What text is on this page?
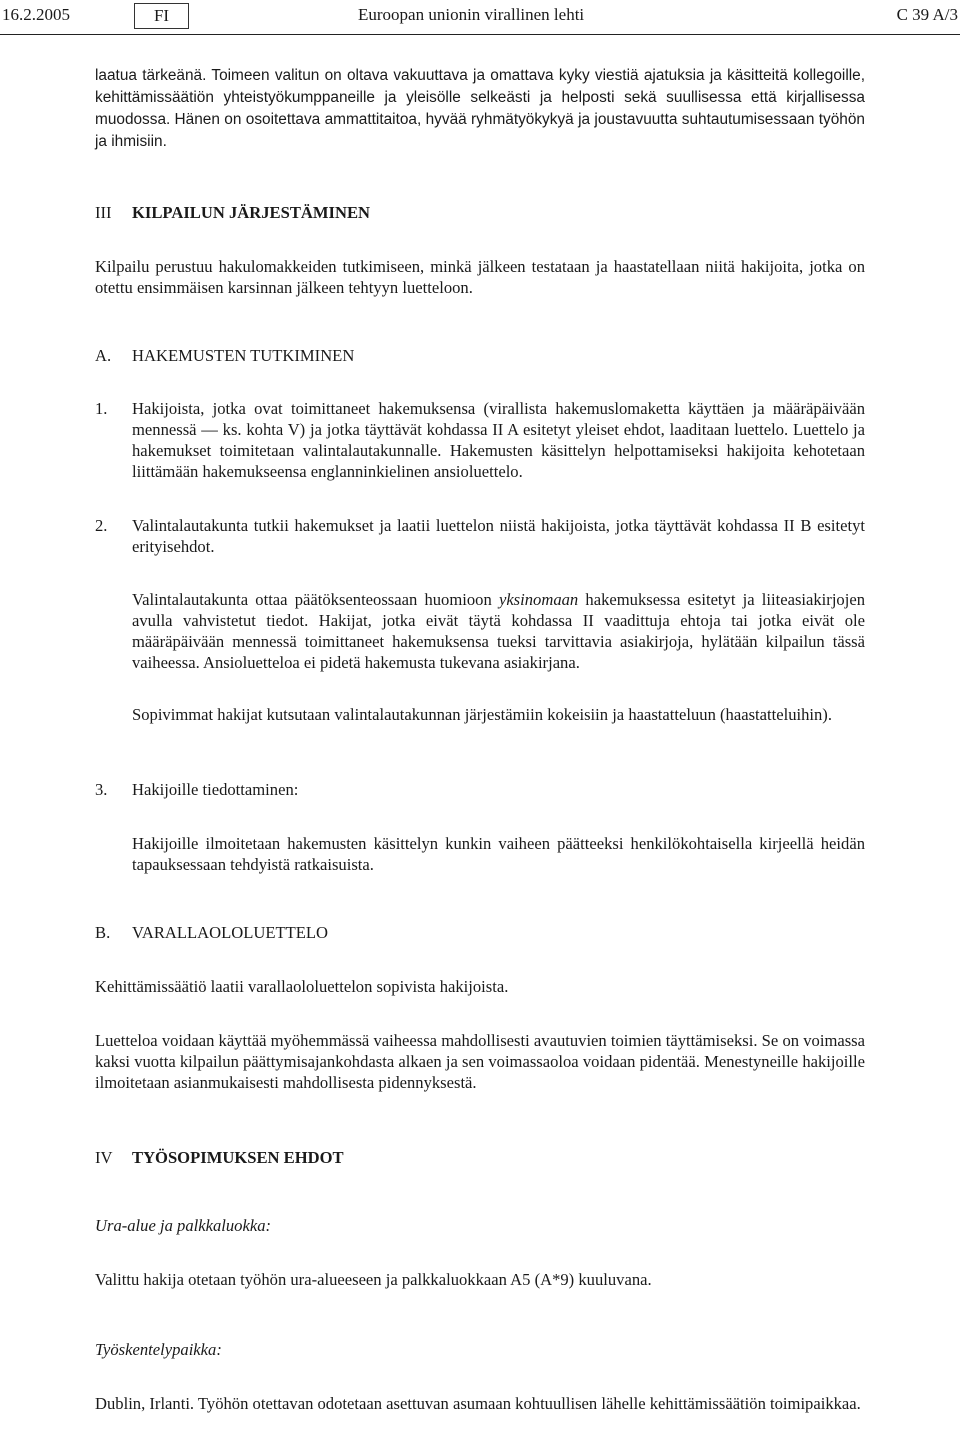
16.2.2005	FI	Euroopan unionin virallinen lehti	C 39 A/3

laatua tärkeänä. Toimeen valitun on oltava vakuuttava ja omattava kyky viestiä ajatuksia ja käsitteitä kollegoille, kehittämissäätiön yhteistyökumppaneille ja yleisölle selkeästi ja helposti sekä suullisessa että kirjallisessa muodossa. Hänen on osoitettava ammattitaitoa, hyvää ryhmätyökykyä ja joustavuutta suhtautumisessaan työhön ja ihmisiin.

III KILPAILUN JÄRJESTÄMINEN

Kilpailu perustuu hakulomakkeiden tutkimiseen, minkä jälkeen testataan ja haastatellaan niitä hakijoita, jotka on otettu ensimmäisen karsinnan jälkeen tehtyyn luetteloon.

A. HAKEMUSTEN TUTKIMINEN
1. Hakijoista, jotka ovat toimittaneet hakemuksensa (virallista hakemuslomaketta käyttäen ja määräpäivään mennessä — ks. kohta V) ja jotka täyttävät kohdassa II A esitetyt yleiset ehdot, laaditaan luettelo. Luettelo ja hakemukset toimitetaan valintalautakunnalle. Hakemusten käsittelyn helpottamiseksi hakijoita kehotetaan liittämään hakemukseensa englanninkielinen ansioluettelo.

2. Valintalautakunta tutkii hakemukset ja laatii luettelon niistä hakijoista, jotka täyttävät kohdassa II B esitetyt erityisehdot.

Valintalautakunta ottaa päätöksenteossaan huomioon yksinomaan hakemuksessa esitetyt ja liiteasiakirjojen avulla vahvistetut tiedot. Hakijat, jotka eivät täytä kohdassa II vaadittuja ehtoja tai jotka eivät ole määräpäivään mennessä toimittaneet hakemuksensa tueksi tarvittavia asiakirjoja, hylätään kilpailun tässä vaiheessa. Ansioluetteloa ei pidetä hakemusta tukevana asiakirjana.

Sopivimmat hakijat kutsutaan valintalautakunnan järjestämiin kokeisiin ja haastatteluun (haastatteluihin).

3. Hakijoille tiedottaminen:

Hakijoille ilmoitetaan hakemusten käsittelyn kunkin vaiheen päätteeksi henkilökohtaisella kirjeellä heidän tapauksessaan tehdyistä ratkaisuista.

B. VARALLAOLOLUETTELO

Kehittämissäätiö laatii varallaololuettelon sopivista hakijoista.

Luetteloa voidaan käyttää myöhemmässä vaiheessa mahdollisesti avautuvien toimien täyttämiseksi. Se on voimassa kaksi vuotta kilpailun päättymisajankohdasta alkaen ja sen voimassaoloa voidaan pidentää. Menestyneille hakijoille ilmoitetaan asianmukaisesti mahdollisesta pidennyksestä.

IV TYÖSOPIMUKSEN EHDOT
Ura-alue ja palkkaluokka:

Valittu hakija otetaan työhön ura-alueeseen ja palkkaluokkaan A5 (A*9) kuuluvana.

Työskentelypaikka:

Dublin, Irlanti. Työhön otettavan odotetaan asettuvan asumaan kohtuullisen lähelle kehittämissäätiön toimipaikkaa.
